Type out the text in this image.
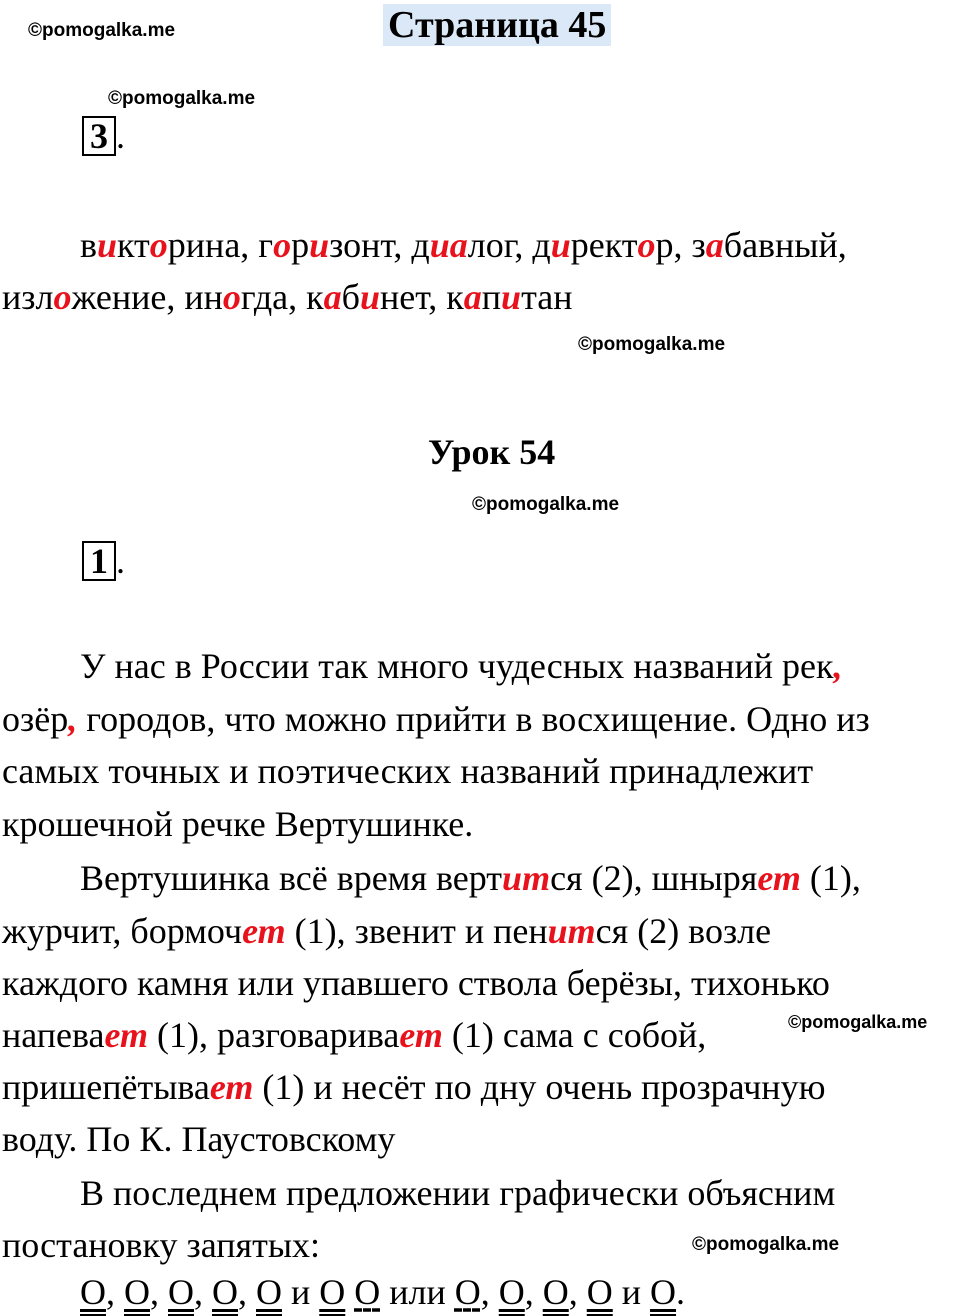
©pomogalka.me	Страница 45
©pomogalka.me
3 .

викторина, горизонт, диалог, директор, забавный,

изложение, иногда, кабинет, капитан

©pomogalka.me
Урок 54
©pomogalka.me
1 .

У нас в России так много чудесных названий рек,

озёр, городов, что можно прийти в восхищение. Одно из

самых точных и поэтических названий принадлежит

крошечной речке Вертушинке.

Вертушинка всё время вертится (2), шныряет (1),

журчит, бормочет (1), звенит и пенится (2) возле

каждого камня или упавшего ствола берёзы, тихонько

напевает (1), разговаривает (1) сама с собой,

пришепётывает (1) и несёт по дну очень прозрачную

воду. По К. Паустовскому

В последнем предложении графически объясним

постановку запятых:

©pomogalka.me
©pomogalka.me
О, О, О, О, О и О О или О, О, О, О и О.
